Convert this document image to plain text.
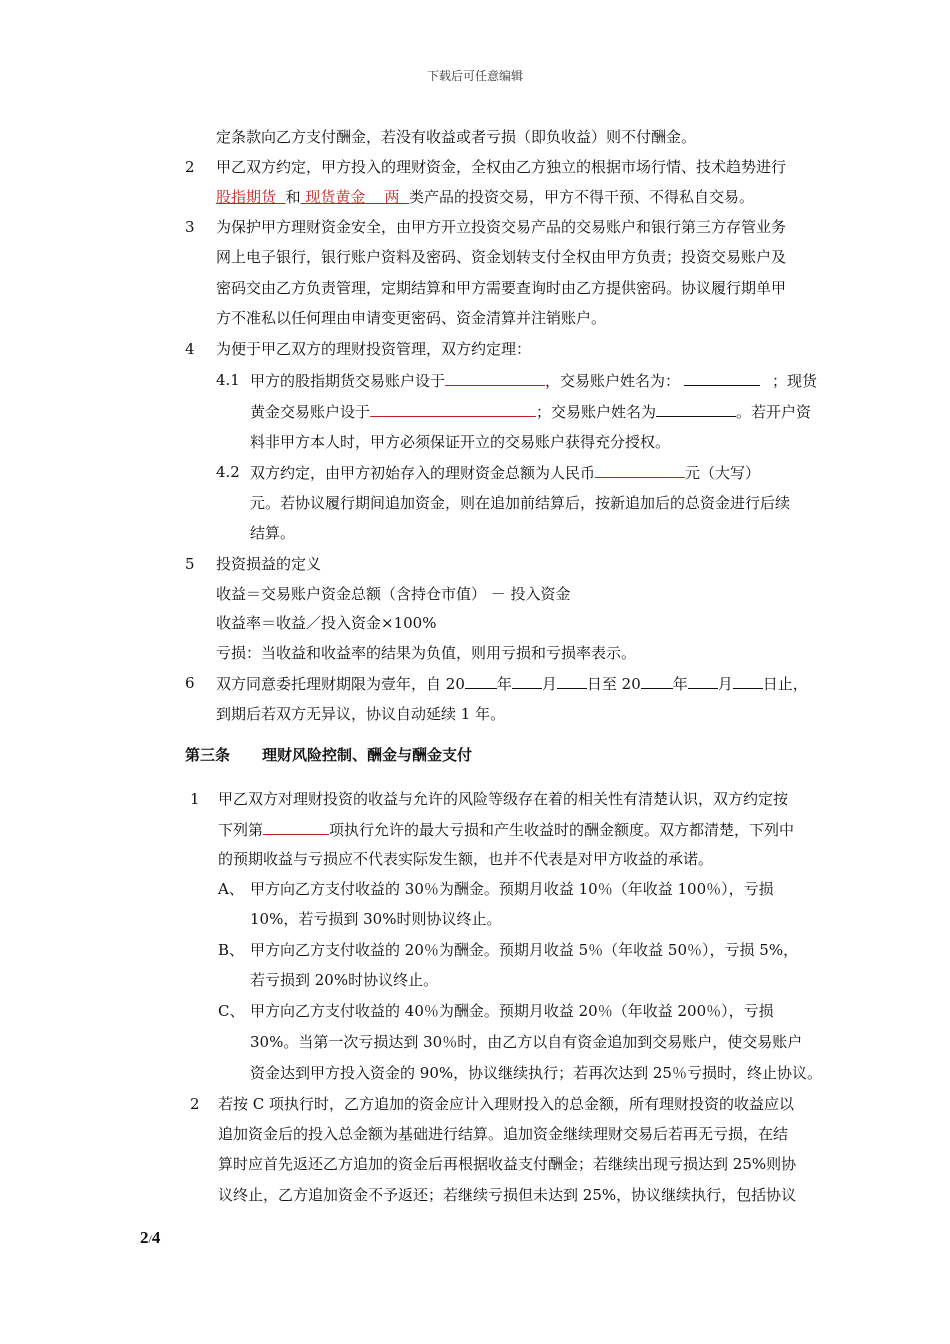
下载后可任意编辑
定条款向乙方支付酬金，若没有收益或者亏损（即负收益）则不付酬金。
2 甲乙双方约定，甲方投入的理财资金，全权由乙方独立的根据市场行情、技术趋势进行
股指期货 和 现货黄金 两 类产品的投资交易，甲方不得干预、不得私自交易。
3 为保护甲方理财资金安全，由甲方开立投资交易产品的交易账户和银行第三方存管业务
网上电子银行，银行账户资料及密码、资金划转支付全权由甲方负责；投资交易账户及
密码交由乙方负责管理，定期结算和甲方需要查询时由乙方提供密码。协议履行期单甲
方不准私以任何理由申请变更密码、资金清算并注销账户。
4 为便于甲乙双方的理财投资管理，双方约定理：
4.1 甲方的股指期货交易账户设于	，交易账户姓名为：	；现货
黄金交易账户设于	；交易账户姓名为	。若开户资
料非甲方本人时，甲方必须保证开立的交易账户获得充分授权。
4.2 双方约定，由甲方初始存入的理财资金总额为人民币	元（大写）
元。若协议履行期间追加资金，则在追加前结算后，按新追加后的总资金进行后续
结算。
5 投资损益的定义
收益＝交易账户资金总额（含持仓市值） － 投入资金
收益率＝收益／投入资金×100%
亏损：当收益和收益率的结果为负值，则用亏损和亏损率表示。
6 双方同意委托理财期限为壹年，自 20 年 月 日至 20 年 月 日止，
到期后若双方无异议，协议自动延续 1 年。
第三条 理财风险控制、酬金与酬金支付
1 甲乙双方对理财投资的收益与允许的风险等级存在着的相关性有清楚认识，双方约定按
下列第	项执行允许的最大亏损和产生收益时的酬金额度。双方都清楚，下列中
的预期收益与亏损应不代表实际发生额，也并不代表是对甲方收益的承诺。
A、 甲方向乙方支付收益的 30％为酬金。预期月收益 10％（年收益 100％），亏损
10%，若亏损到 30%时则协议终止。
B、 甲方向乙方支付收益的 20％为酬金。预期月收益 5％（年收益 50％），亏损 5%，
若亏损到 20%时协议终止。
C、 甲方向乙方支付收益的 40％为酬金。预期月收益 20％（年收益 200％），亏损
30%。当第一次亏损达到 30％时，由乙方以自有资金追加到交易账户，使交易账户
资金达到甲方投入资金的 90%，协议继续执行；若再次达到 25％亏损时，终止协议。
2 若按 C 项执行时，乙方追加的资金应计入理财投入的总金额，所有理财投资的收益应以
追加资金后的投入总金额为基础进行结算。追加资金继续理财交易后若再无亏损，在结
算时应首先返还乙方追加的资金后再根据收益支付酬金；若继续出现亏损达到 25%则协
议终止，乙方追加资金不予返还；若继续亏损但未达到 25%，协议继续执行，包括协议
2/4
